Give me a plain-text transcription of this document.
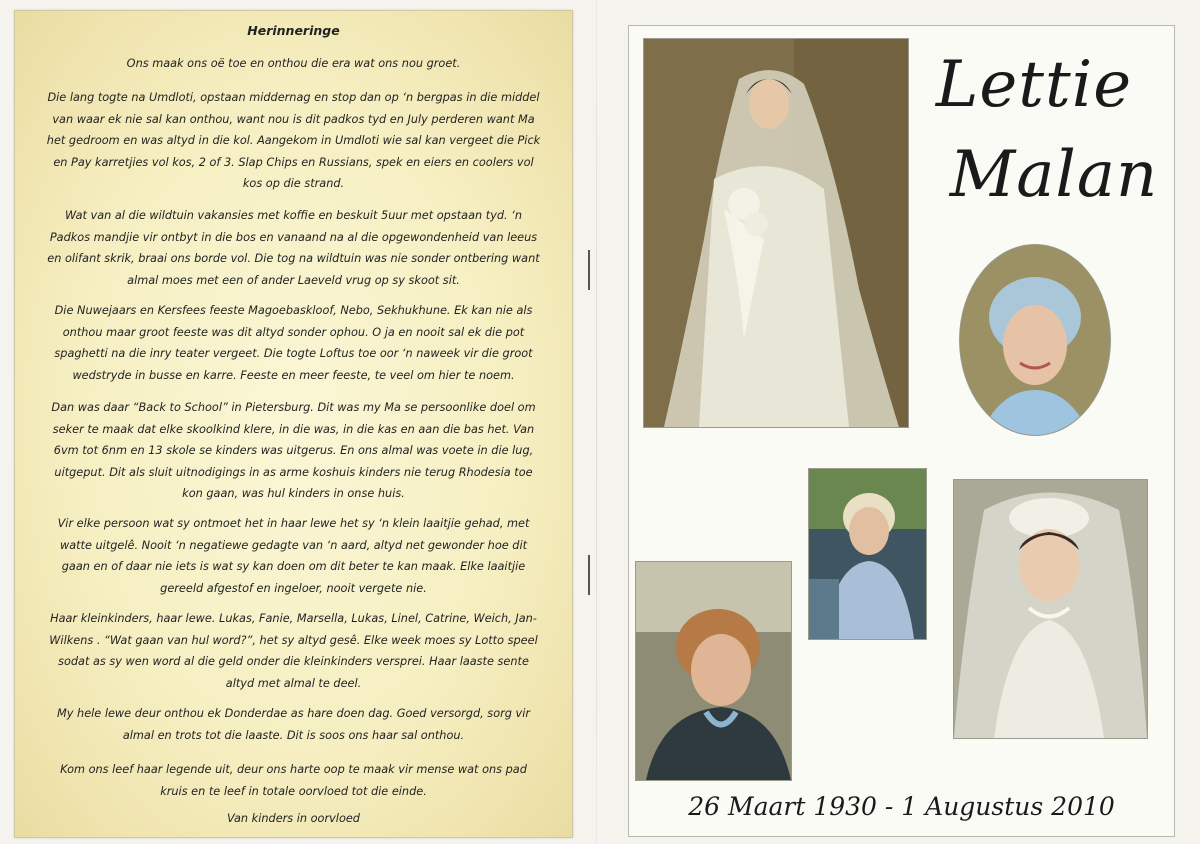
Herinneringe

Ons maak ons oë toe en onthou die era wat ons nou groet.

Die lang togte na Umdloti, opstaan middernag en stop dan op ‘n bergpas in die middel van waar ek nie sal kan onthou, want nou is dit padkos tyd en July perderen want Ma het gedroom en was altyd in die kol. Aangekom in Umdloti wie sal kan vergeet die Pick en Pay karretjies vol kos, 2 of 3. Slap Chips en Russians, spek en eiers en coolers vol kos op die strand.

Wat van al die wildtuin vakansies met koffie en beskuit 5uur met opstaan tyd. ‘n Padkos mandjie vir ontbyt in die bos en vanaand na al die opgewondenheid van leeus en olifant skrik, braai ons borde vol. Die tog na wildtuin was nie sonder ontbering want almal moes met een of ander Laeveld vrug op sy skoot sit.

Die Nuwejaars en Kersfees feeste Magoebaskloof, Nebo, Sekhukhune. Ek kan nie als onthou maar groot feeste was dit altyd sonder ophou. O ja en nooit sal ek die pot spaghetti na die inry teater vergeet. Die togte Loftus toe oor ‘n naweek vir die groot wedstryde in busse en karre. Feeste en meer feeste, te veel om hier te noem.

Dan was daar “Back to School” in Pietersburg. Dit was my Ma se persoonlike doel om seker te maak dat elke skoolkind klere, in die was, in die kas en aan die bas het. Van 6vm tot 6nm en 13 skole se kinders was uitgerus. En ons almal was voete in die lug, uitgeput. Dit als sluit uitnodigings in as arme koshuis kinders nie terug Rhodesia toe kon gaan, was hul kinders in onse huis.

Vir elke persoon wat sy ontmoet het in haar lewe het sy ‘n klein laaitjie gehad, met watte uitgelê. Nooit ‘n negatiewe gedagte van ‘n aard, altyd net gewonder hoe dit gaan en of daar nie iets is wat sy kan doen om dit beter te kan maak. Elke laaitjie gereeld afgestof en ingeloer, nooit vergete nie.

Haar kleinkinders, haar lewe. Lukas, Fanie, Marsella, Lukas, Linel, Catrine, Weich, Jan-Wilkens . “Wat gaan van hul word?”, het sy altyd gesê. Elke week moes sy Lotto speel sodat as sy wen word al die geld onder die kleinkinders versprei. Haar laaste sente altyd met almal te deel.

My hele lewe deur onthou ek Donderdae as hare doen dag. Goed versorgd, sorg vir almal en trots tot die laaste. Dit is soos ons haar sal onthou.

Kom ons leef haar legende uit, deur ons harte oop te maak vir mense wat ons pad kruis en te leef in totale oorvloed tot die einde.

Van kinders in oorvloed

Lettie
Malan
26 Maart 1930 - 1 Augustus 2010
